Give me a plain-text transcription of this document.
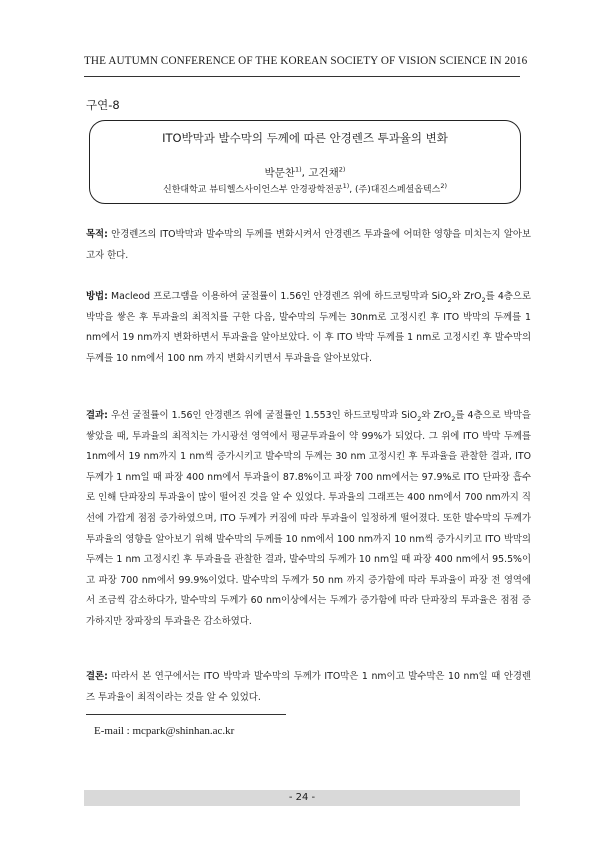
THE AUTUMN CONFERENCE OF THE KOREAN SOCIETY OF VISION SCIENCE IN 2016
구연-8
ITO박막과 발수막의 두께에 따른 안경렌즈 투과율의 변화
박문찬$^{1)}$, 고건채$^{2)}$
신한대학교 뷰티헬스사이언스부 안경광학전공$^{1)}$, (주)대진스페셜옵텍스$^{2)}$

목적: 안경렌즈의 ITO박막과 발수막의 두께를 변화시켜서 안경렌즈 투과율에 어떠한 영향을 미치는지 알아보고자 한다.

방법: Macleod 프로그램을 이용하여 굴절률이 1.56인 안경렌즈 위에 하드코팅막과 SiO$_2$와 ZrO$_2$를 4층으로 박막을 쌓은 후 투과율의 최적치를 구한 다음, 발수막의 두께는 30nm로 고정시킨 후 ITO 박막의 두께를 1 nm에서 19 nm까지 변화하면서 투과율을 알아보았다. 이 후 ITO 박막 두께를 1 nm로 고정시킨 후 발수막의 두께를 10 nm에서 100 nm 까지 변화시키면서 투과율을 알아보았다.

결과: 우선 굴절률이 1.56인 안경렌즈 위에 굴절률인 1.553인 하드코팅막과 SiO$_2$와 ZrO$_2$를 4층으로 박막을 쌓았을 때, 투과율의 최적치는 가시광선 영역에서 평균투과율이 약 99%가 되었다. 그 위에 ITO 박막 두께를 1nm에서 19 nm까지 1 nm씩 증가시키고 발수막의 두께는 30 nm 고정시킨 후 투과율을 관찰한 결과, ITO 두께가 1 nm일 때 파장 400 nm에서 투과율이 87.8%이고 파장 700 nm에서는 97.9%로 ITO 단파장 흡수로 인해 단파장의 투과율이 많이 떨어진 것을 알 수 있었다. 투과율의 그래프는 400 nm에서 700 nm까지 직선에 가깝게 점점 증가하였으며, ITO 두께가 커짐에 따라 투과율이 일정하게 떨어졌다. 또한 발수막의 두께가 투과율의 영향을 알아보기 위해 발수막의 두께를 10 nm에서 100 nm까지 10 nm씩 증가시키고 ITO 박막의 두께는 1 nm 고정시킨 후 투과율을 관찰한 결과, 발수막의 두께가 10 nm일 때 파장 400 nm에서 95.5%이고 파장 700 nm에서 99.9%이었다. 발수막의 두께가 50 nm 까지 증가함에 따라 투과율이 파장 전 영역에서 조금씩 감소하다가, 발수막의 두께가 60 nm이상에서는 두께가 증가함에 따라 단파장의 투과율은 점점 증가하지만 장파장의 투과율은 감소하였다.

결론: 따라서 본 연구에서는 ITO 박막과 발수막의 두께가 ITO막은 1 nm이고 발수막은 10 nm일 때 안경렌즈 투과율이 최적이라는 것을 알 수 있었다.

E-mail : mcpark@shinhan.ac.kr
- 24 -
